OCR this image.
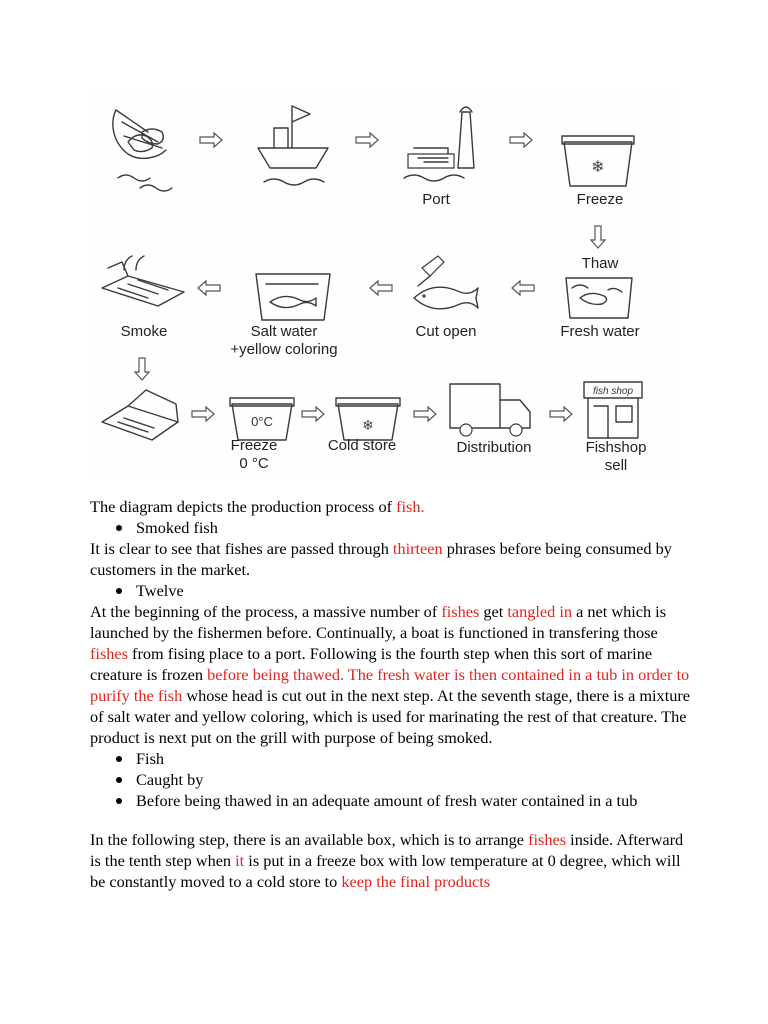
Port
❄
Freeze
Thaw
Fresh water
Cut open
Salt water
+yellow coloring
Smoke
0°C
Freeze
0 °C
❄
Cold store	Distribution
fish shop
Fishshop
sell

The diagram depicts the production process of fish.

Smoked fish

It is clear to see that fishes are passed through thirteen phrases before being consumed by customers in the market.

Twelve

At the beginning of the process, a massive number of fishes get tangled in a net which is launched by the fishermen before. Continually, a boat is functioned in transfering those fishes from fising place to a port. Following is the fourth step when this sort of marine creature is frozen before being thawed. The fresh water is then contained in a tub in order to purify the fish whose head is cut out in the next step. At the seventh stage, there is a mixture of salt water and yellow coloring, which is used for marinating the rest of that creature. The product is next put on the grill with purpose of being smoked.

Fish
Caught by
Before being thawed in an adequate amount of fresh water contained in a tub

In the following step, there is an available box, which is to arrange fishes inside. Afterward is the tenth step when it is put in a freeze box with low temperature at 0 degree, which will be constantly moved to a cold store to keep the final products
